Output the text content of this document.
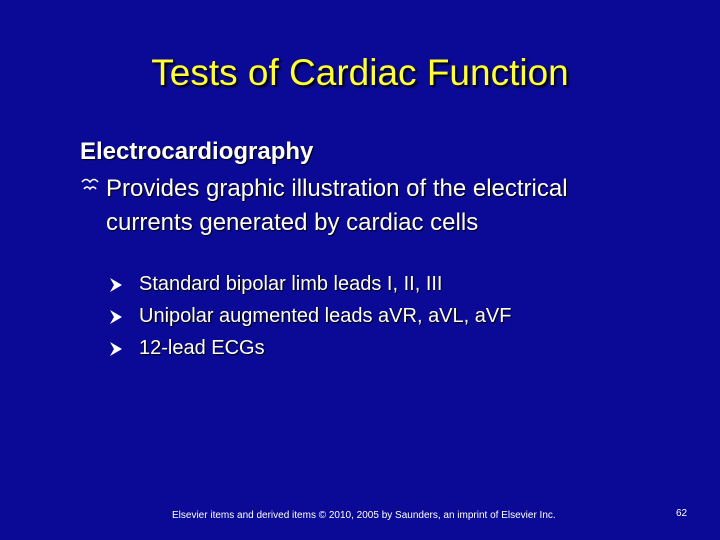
Tests of Cardiac Function
Electrocardiography
Provides graphic illustration of the electrical currents generated by cardiac cells
Standard bipolar limb leads I, II, III
Unipolar augmented leads aVR, aVL, aVF
12-lead ECGs
Elsevier items and derived items © 2010, 2005 by Saunders, an imprint of Elsevier Inc.	62
